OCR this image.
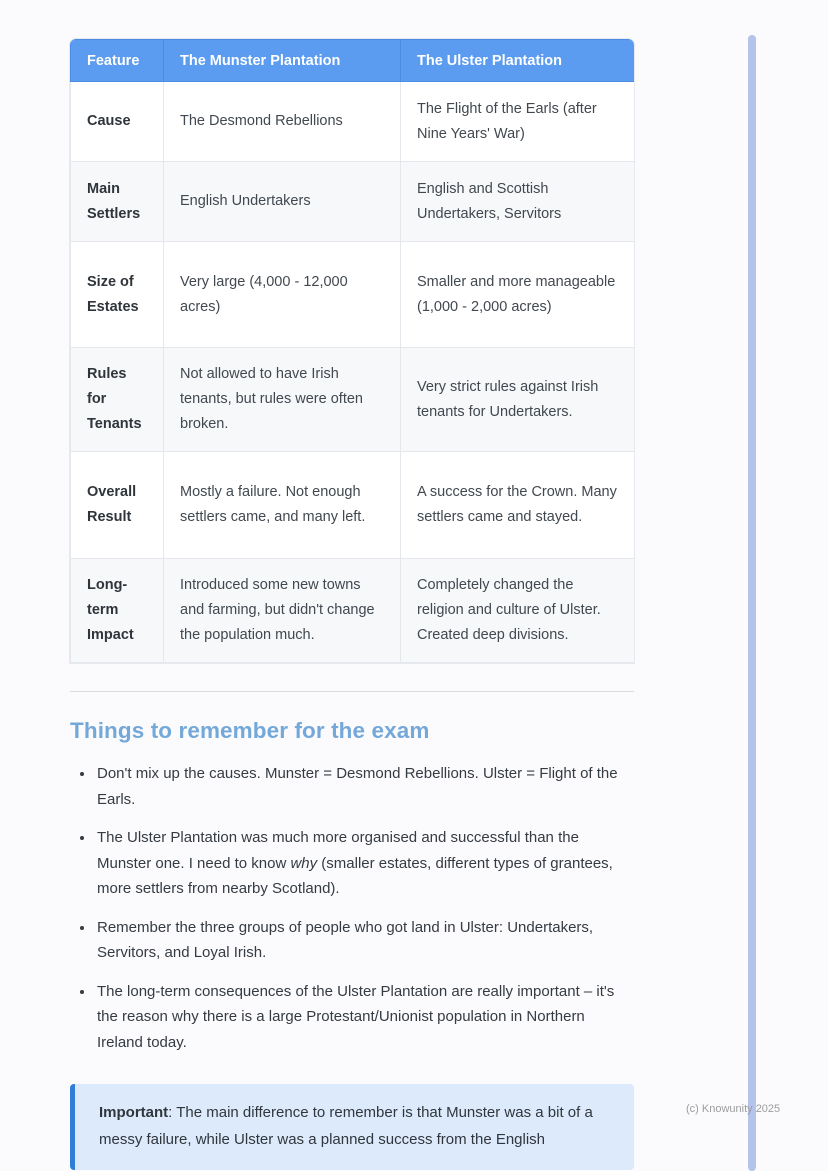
Feature	The Munster Plantation	The Ulster Plantation
Cause	The Desmond Rebellions	The Flight of the Earls (after Nine Years' War)
Main Settlers	English Undertakers	English and Scottish Undertakers, Servitors
Size of Estates	Very large (4,000 - 12,000 acres)	Smaller and more manageable (1,000 - 2,000 acres)
Rules for Tenants	Not allowed to have Irish tenants, but rules were often broken.	Very strict rules against Irish tenants for Undertakers.
Overall Result	Mostly a failure. Not enough settlers came, and many left.	A success for the Crown. Many settlers came and stayed.
Long-term Impact	Introduced some new towns and farming, but didn't change the population much.	Completely changed the religion and culture of Ulster. Created deep divisions.
Things to remember for the exam
• Don't mix up the causes. Munster = Desmond Rebellions. Ulster = Flight of the Earls.
• The Ulster Plantation was much more organised and successful than the Munster one. I need to know why (smaller estates, different types of grantees, more settlers from nearby Scotland).
• Remember the three groups of people who got land in Ulster: Undertakers, Servitors, and Loyal Irish.
• The long-term consequences of the Ulster Plantation are really important – it's the reason why there is a large Protestant/Unionist population in Northern Ireland today.

Important: The main difference to remember is that Munster was a bit of a messy failure, while Ulster was a planned success from the English

(c) Knowunity 2025
